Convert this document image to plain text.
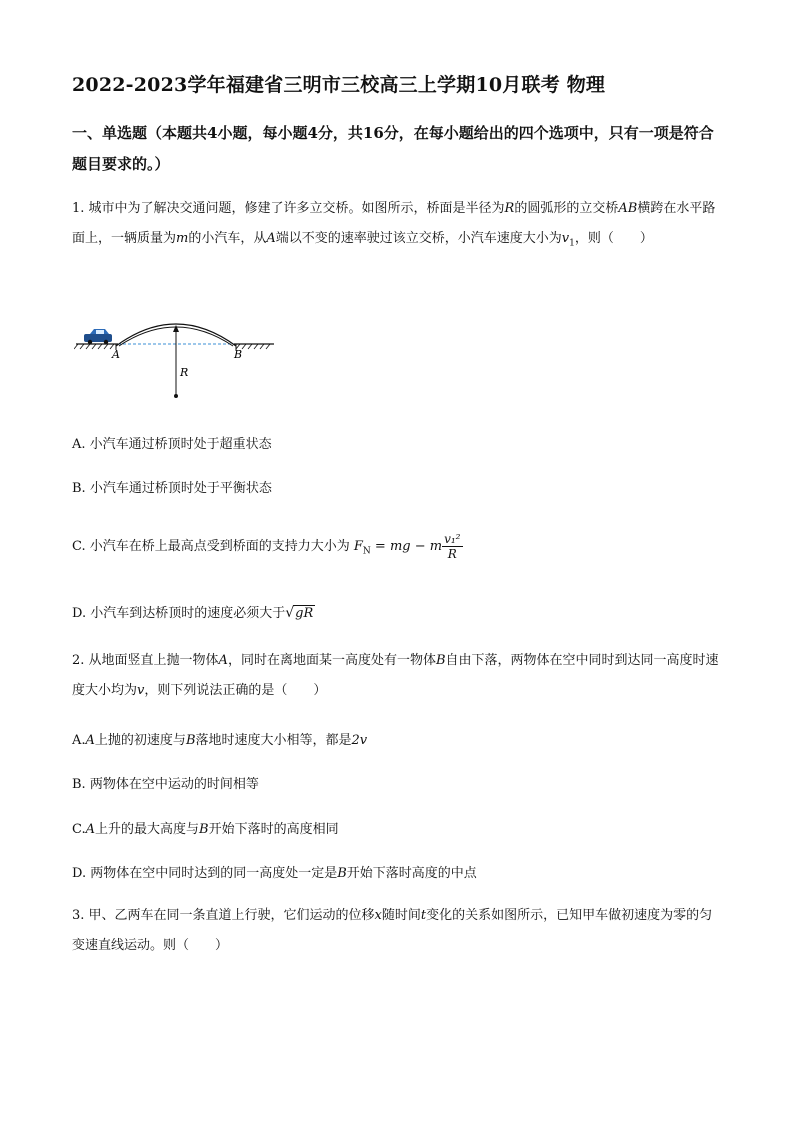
2022-2023学年福建省三明市三校高三上学期10月联考 物理
一、单选题（本题共4小题，每小题4分，共16分，在每小题给出的四个选项中，只有一项是符合题目要求的。）
1. 城市中为了解决交通问题，修建了许多立交桥。如图所示，桥面是半径为R的圆弧形的立交桥AB横跨在水平路面上，一辆质量为m的小汽车，从A端以不变的速率驶过该立交桥，小汽车速度大小为$v_1$，则（　　）
A	B
R
A. 小汽车通过桥顶时处于超重状态
B. 小汽车通过桥顶时处于平衡状态
C. 小汽车在桥上最高点受到桥面的支持力大小为 $F_N$ = mg − m $\frac{\text{v₁²}}{R}$
D. 小汽车到达桥顶时的速度必须大于√gR
2. 从地面竖直上抛一物体A，同时在离地面某一高度处有一物体B自由下落，两物体在空中同时到达同一高度时速度大小均为v，则下列说法正确的是（　　）
A.A上抛的初速度与B落地时速度大小相等，都是2v
B. 两物体在空中运动的时间相等
C.A上升的最大高度与B开始下落时的高度相同
D. 两物体在空中同时达到的同一高度处一定是B开始下落时高度的中点
3. 甲、乙两车在同一条直道上行驶，它们运动的位移x随时间t变化的关系如图所示，已知甲车做初速度为零的匀变速直线运动。则（　　）
